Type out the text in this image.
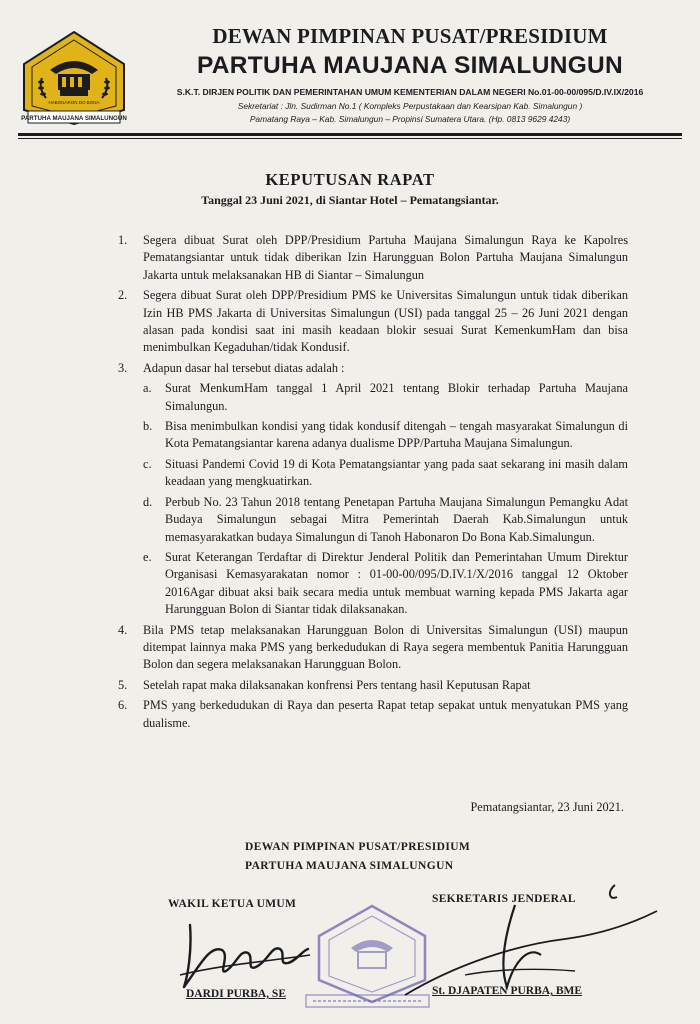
HABONARON DO BONA
PARTUHA MAUJANA SIMALUNGUN
DEWAN PIMPINAN PUSAT/PRESIDIUM
PARTUHA MAUJANA SIMALUNGUN
S.K.T. DIRJEN POLITIK DAN PEMERINTAHAN UMUM KEMENTERIAN DALAM NEGERI No.01-00-00/095/D.IV.IX/2016
Sekretariat : Jln. Sudirman No.1 ( Kompleks Perpustakaan dan Kearsipan Kab. Simalungun )
Pamatang Raya – Kab. Simalungun – Propinsi Sumatera Utara. (Hp. 0813 9629 4243)
KEPUTUSAN RAPAT
Tanggal 23 Juni 2021, di Siantar Hotel – Pematangsiantar.
1.	Segera dibuat Surat oleh DPP/Presidium Partuha Maujana Simalungun Raya ke Kapolres Pematangsiantar untuk tidak diberikan Izin Harungguan Bolon Partuha Maujana Simalungun Jakarta untuk melaksanakan HB di Siantar – Simalungun
2.	Segera dibuat Surat oleh DPP/Presidium PMS ke Universitas Simalungun untuk tidak diberikan Izin HB PMS Jakarta di Universitas Simalungun (USI) pada tanggal 25 – 26 Juni 2021 dengan alasan pada kondisi saat ini masih keadaan blokir sesuai Surat KemenkumHam dan bisa menimbulkan Kegaduhan/tidak Kondusif.
3.	Adapun dasar hal tersebut diatas adalah :
a. Surat MenkumHam tanggal 1 April 2021 tentang Blokir terhadap Partuha Maujana Simalungun.
b. Bisa menimbulkan kondisi yang tidak kondusif ditengah – tengah masyarakat Simalungun di Kota Pematangsiantar karena adanya dualisme DPP/Partuha Maujana Simalungun.
c. Situasi Pandemi Covid 19 di Kota Pematangsiantar yang pada saat sekarang ini masih dalam keadaan yang mengkuatirkan.
d. Perbub No. 23 Tahun 2018 tentang Penetapan Partuha Maujana Simalungun Pemangku Adat Budaya Simalungun sebagai Mitra Pemerintah Daerah Kab.Simalungun untuk memasyarakatkan budaya Simalungun di Tanoh Habonaron Do Bona Kab.Simalungun.
e. Surat Keterangan Terdaftar di Direktur Jenderal Politik dan Pemerintahan Umum Direktur Organisasi Kemasyarakatan nomor : 01-00-00/095/D.IV.1/X/2016 tanggal 12 Oktober 2016Agar dibuat aksi baik secara media untuk membuat warning kepada PMS Jakarta agar Harungguan Bolon di Siantar tidak dilaksanakan.
4.	Bila PMS tetap melaksanakan Harungguan Bolon di Universitas Simalungun (USI) maupun ditempat lainnya maka PMS yang berkedudukan di Raya segera membentuk Panitia Harungguan Bolon dan segera melaksanakan Harungguan Bolon.
5.	Setelah rapat maka dilaksanakan konfrensi Pers tentang hasil Keputusan Rapat
6.	PMS yang berkedudukan di Raya dan peserta Rapat tetap sepakat untuk menyatukan PMS yang dualisme.
Pematangsiantar, 23 Juni 2021.
DEWAN PIMPINAN PUSAT/PRESIDIUM
PARTUHA MAUJANA SIMALUNGUN
WAKIL KETUA UMUM	SEKRETARIS JENDERAL
DARDI PURBA, SE	St. DJAPATEN PURBA, BME
